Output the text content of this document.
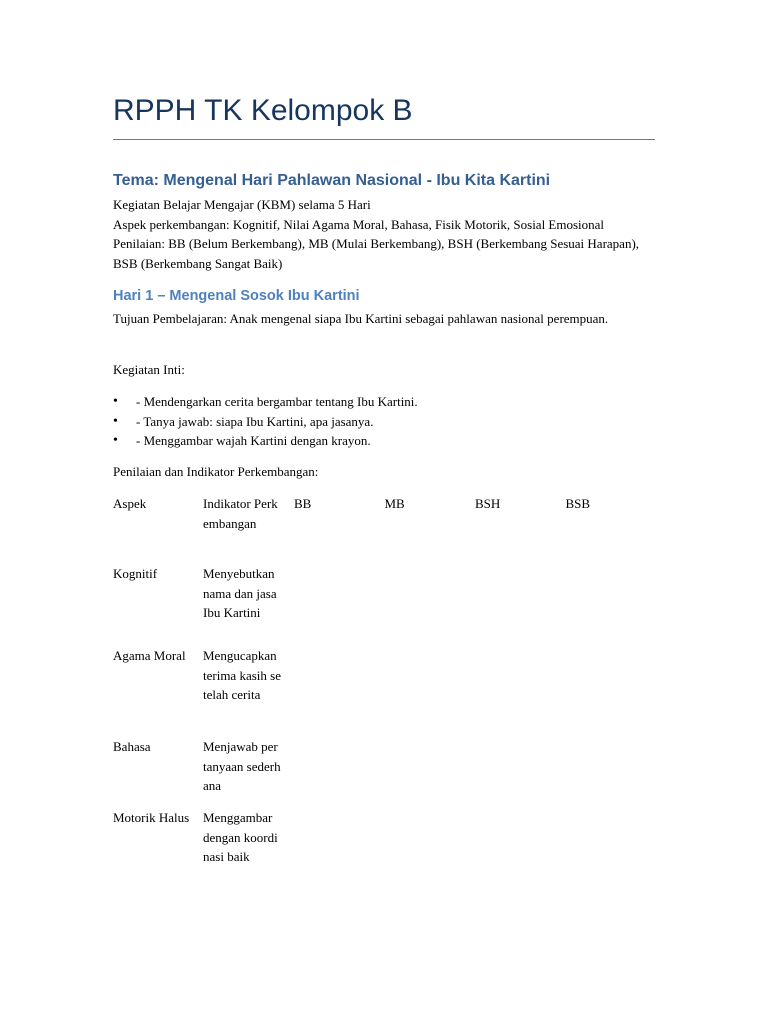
RPPH TK Kelompok B
Tema: Mengenal Hari Pahlawan Nasional - Ibu Kita Kartini

Kegiatan Belajar Mengajar (KBM) selama 5 Hari

Aspek perkembangan: Kognitif, Nilai Agama Moral, Bahasa, Fisik Motorik, Sosial Emosional

Penilaian: BB (Belum Berkembang), MB (Mulai Berkembang), BSH (Berkembang Sesuai Harapan), BSB (Berkembang Sangat Baik)

Hari 1 – Mengenal Sosok Ibu Kartini

Tujuan Pembelajaran: Anak mengenal siapa Ibu Kartini sebagai pahlawan nasional perempuan.

Kegiatan Inti:

• - Mendengarkan cerita bergambar tentang Ibu Kartini.
• - Tanya jawab: siapa Ibu Kartini, apa jasanya.
• - Menggambar wajah Kartini dengan krayon.

Penilaian dan Indikator Perkembangan:

Aspek	Indikator Perkembangan	BB	MB	BSH	BSB
Kognitif	Menyebutkan nama dan jasa Ibu Kartini				
Agama Moral	Mengucapkan terima kasih setelah cerita				
Bahasa	Menjawab pertanyaan sederhana				
Motorik Halus	Menggambar dengan koordinasi baik				
